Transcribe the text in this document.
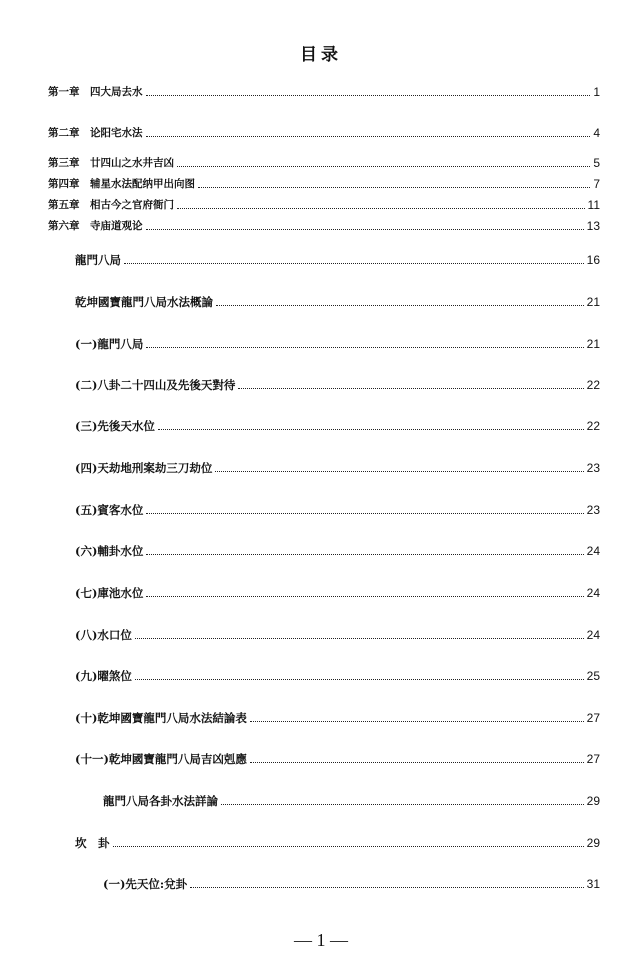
目录
第一章　四大局去水	1
第二章　论阳宅水法	4
第三章　廿四山之水井吉凶	5
第四章　辅星水法配纳甲出向图	7
第五章　相古今之官府衙门	11
第六章　寺庙道观论	13
龍門八局	16
乾坤國寶龍門八局水法概論	21
(一)龍門八局	21
(二)八卦二十四山及先後天對待	22
(三)先後天水位	22
(四)天劫地刑案劫三刀劫位	23
(五)賓客水位	23
(六)輔卦水位	24
(七)庫池水位	24
(八)水口位	24
(九)曜煞位	25
(十)乾坤國寶龍門八局水法結論表	27
(十一)乾坤國寶龍門八局吉凶剋應	27
龍門八局各卦水法詳論	29
坎　卦	29
(一)先天位:兌卦	31
— 1 —
